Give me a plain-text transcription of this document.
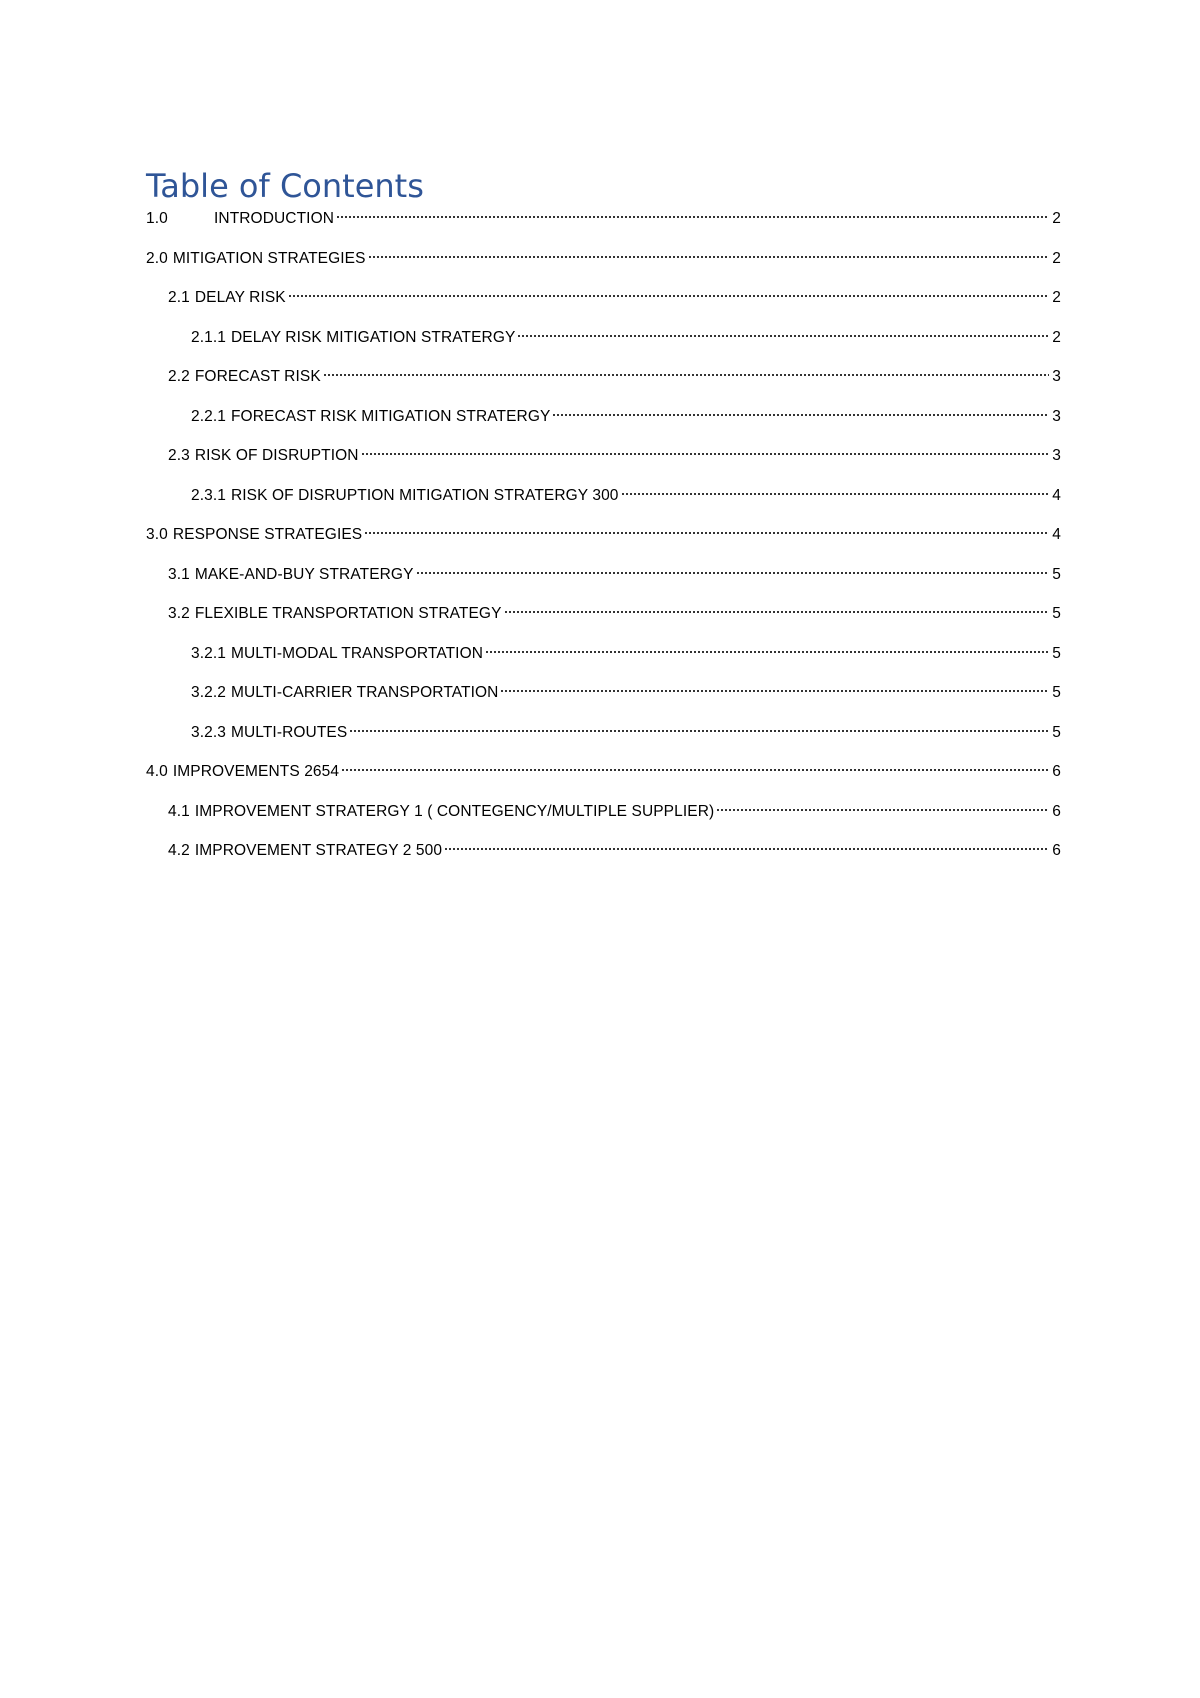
Table of Contents
1.0	INTRODUCTION	2
2.0 MITIGATION STRATEGIES	2
2.1 DELAY RISK	2
2.1.1 DELAY RISK MITIGATION STRATERGY	2
2.2 FORECAST RISK	3
2.2.1 FORECAST RISK MITIGATION STRATERGY	3
2.3 RISK OF DISRUPTION	3
2.3.1 RISK OF DISRUPTION MITIGATION STRATERGY 300	4
3.0 RESPONSE STRATEGIES	4
3.1 MAKE-AND-BUY STRATERGY	5
3.2 FLEXIBLE TRANSPORTATION STRATEGY	5
3.2.1 MULTI-MODAL TRANSPORTATION	5
3.2.2 MULTI-CARRIER TRANSPORTATION	5
3.2.3 MULTI-ROUTES	5
4.0 IMPROVEMENTS 2654	6
4.1 IMPROVEMENT STRATERGY 1 ( CONTEGENCY/MULTIPLE SUPPLIER)	6
4.2 IMPROVEMENT STRATEGY 2 500	6
